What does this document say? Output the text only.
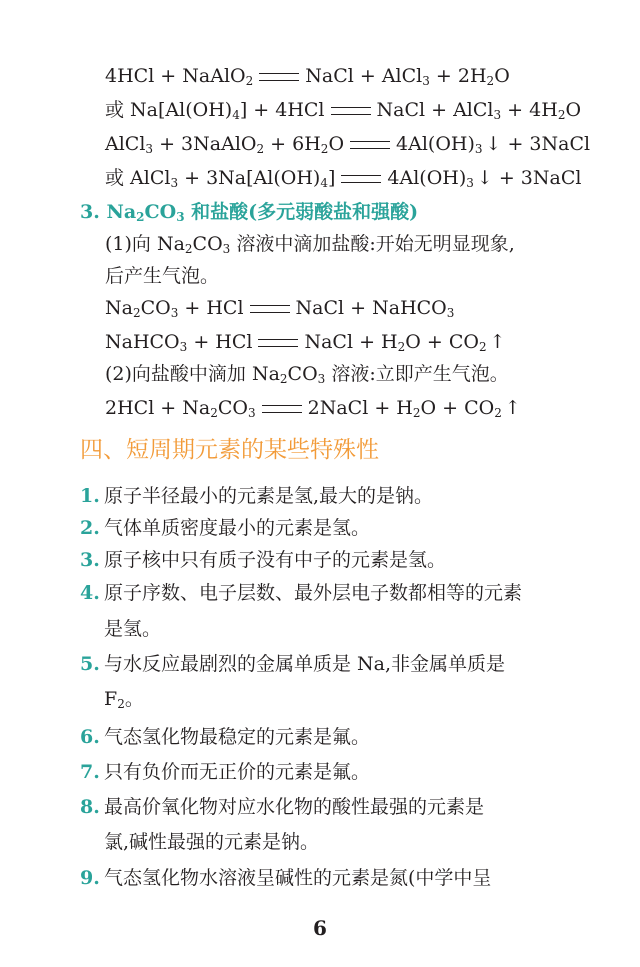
4HCl + NaAlO$_2$	NaCl + AlCl$_3$ + $2H_2O$
或 $Na[Al(OH)_4] + 4HCl$	NaCl + AlCl$_3$ + $4H_2O$
AlCl$_3$ + 3NaAlO$_2$ + $6H_2O$	$4Al(OH)_3$ ↓ + 3NaCl
或 AlCl$_3$ + $3Na[Al(OH)_4]$	$4Al(OH)_3$ ↓ + 3NaCl
3. $Na_2CO_3$ 和盐酸(多元弱酸盐和强酸)
(1)向 $Na_2CO_3$ 溶液中滴加盐酸:开始无明显现象,
后产生气泡。
$Na_2CO_3$ + HCl	NaCl + NaHCO$_3$
NaHCO$_3$ + HCl	NaCl + $H_2O + CO_2$ ↑
(2)向盐酸中滴加 $Na_2CO_3$ 溶液:立即产生气泡。
$2HCl + Na_2CO_3$	2NaCl + $H_2O + CO_2$ ↑
四、短周期元素的某些特殊性
1. 原子半径最小的元素是氢,最大的是钠。
2. 气体单质密度最小的元素是氢。
3. 原子核中只有质子没有中子的元素是氢。
4. 原子序数、电子层数、最外层电子数都相等的元素
是氢。
5. 与水反应最剧烈的金属单质是 Na,非金属单质是
$F_2$。
6. 气态氢化物最稳定的元素是氟。
7. 只有负价而无正价的元素是氟。
8. 最高价氧化物对应水化物的酸性最强的元素是
氯,碱性最强的元素是钠。
9. 气态氢化物水溶液呈碱性的元素是氮(中学中呈
6
